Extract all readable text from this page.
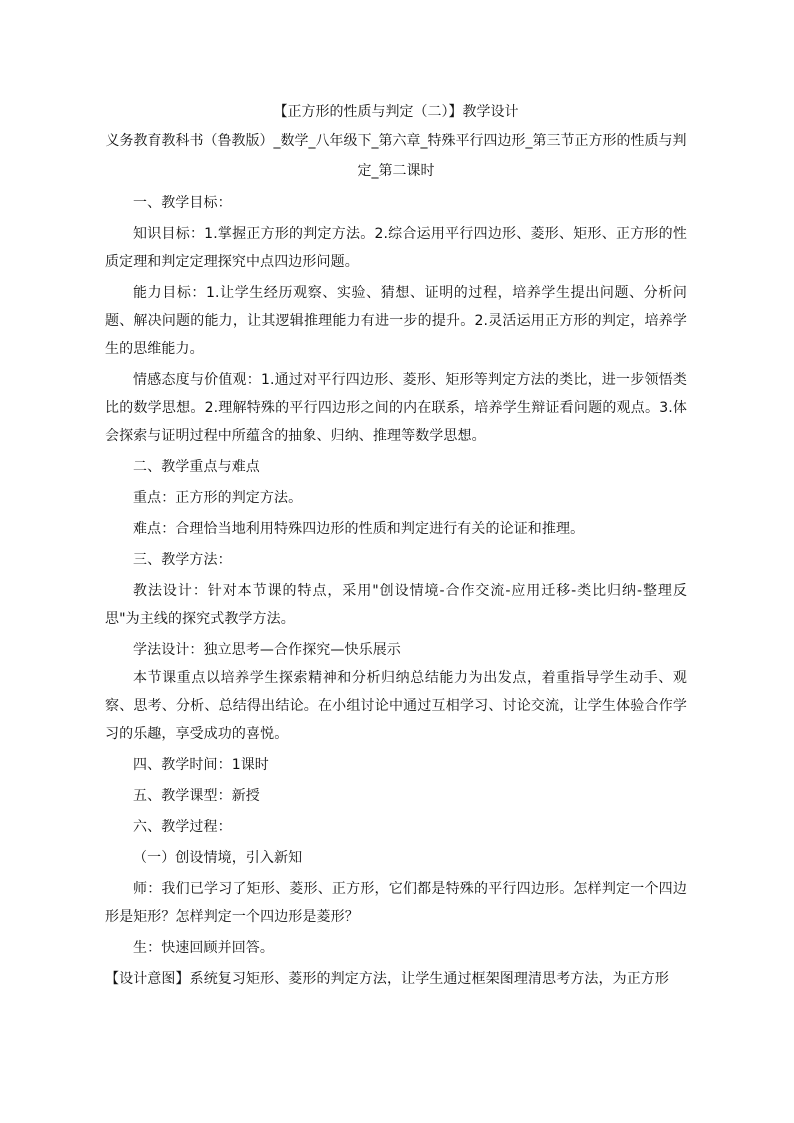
【正方形的性质与判定（二）】教学设计
义务教育教科书（鲁教版）_数学_八年级下_第六章_特殊平行四边形_第三节正方形的性质与判定_第二课时

一、教学目标：

知识目标：1.掌握正方形的判定方法。2.综合运用平行四边形、菱形、矩形、正方形的性质定理和判定定理探究中点四边形问题。

能力目标：1.让学生经历观察、实验、猜想、证明的过程，培养学生提出问题、分析问题、解决问题的能力，让其逻辑推理能力有进一步的提升。2.灵活运用正方形的判定，培养学生的思维能力。

情感态度与价值观：1.通过对平行四边形、菱形、矩形等判定方法的类比，进一步领悟类比的数学思想。2.理解特殊的平行四边形之间的内在联系，培养学生辩证看问题的观点。3.体会探索与证明过程中所蕴含的抽象、归纳、推理等数学思想。

二、教学重点与难点

重点：正方形的判定方法。

难点：合理恰当地利用特殊四边形的性质和判定进行有关的论证和推理。

三、教学方法：

教法设计：针对本节课的特点，采用"创设情境-合作交流-应用迁移-类比归纳-整理反思"为主线的探究式教学方法。

学法设计：独立思考—合作探究—快乐展示

本节课重点以培养学生探索精神和分析归纳总结能力为出发点，着重指导学生动手、观察、思考、分析、总结得出结论。在小组讨论中通过互相学习、讨论交流，让学生体验合作学习的乐趣，享受成功的喜悦。

四、教学时间：1课时

五、教学课型：新授

六、教学过程：

（一）创设情境，引入新知

师：我们已学习了矩形、菱形、正方形，它们都是特殊的平行四边形。怎样判定一个四边形是矩形？怎样判定一个四边形是菱形？

生：快速回顾并回答。

【设计意图】系统复习矩形、菱形的判定方法，让学生通过框架图理清思考方法，为正方形
